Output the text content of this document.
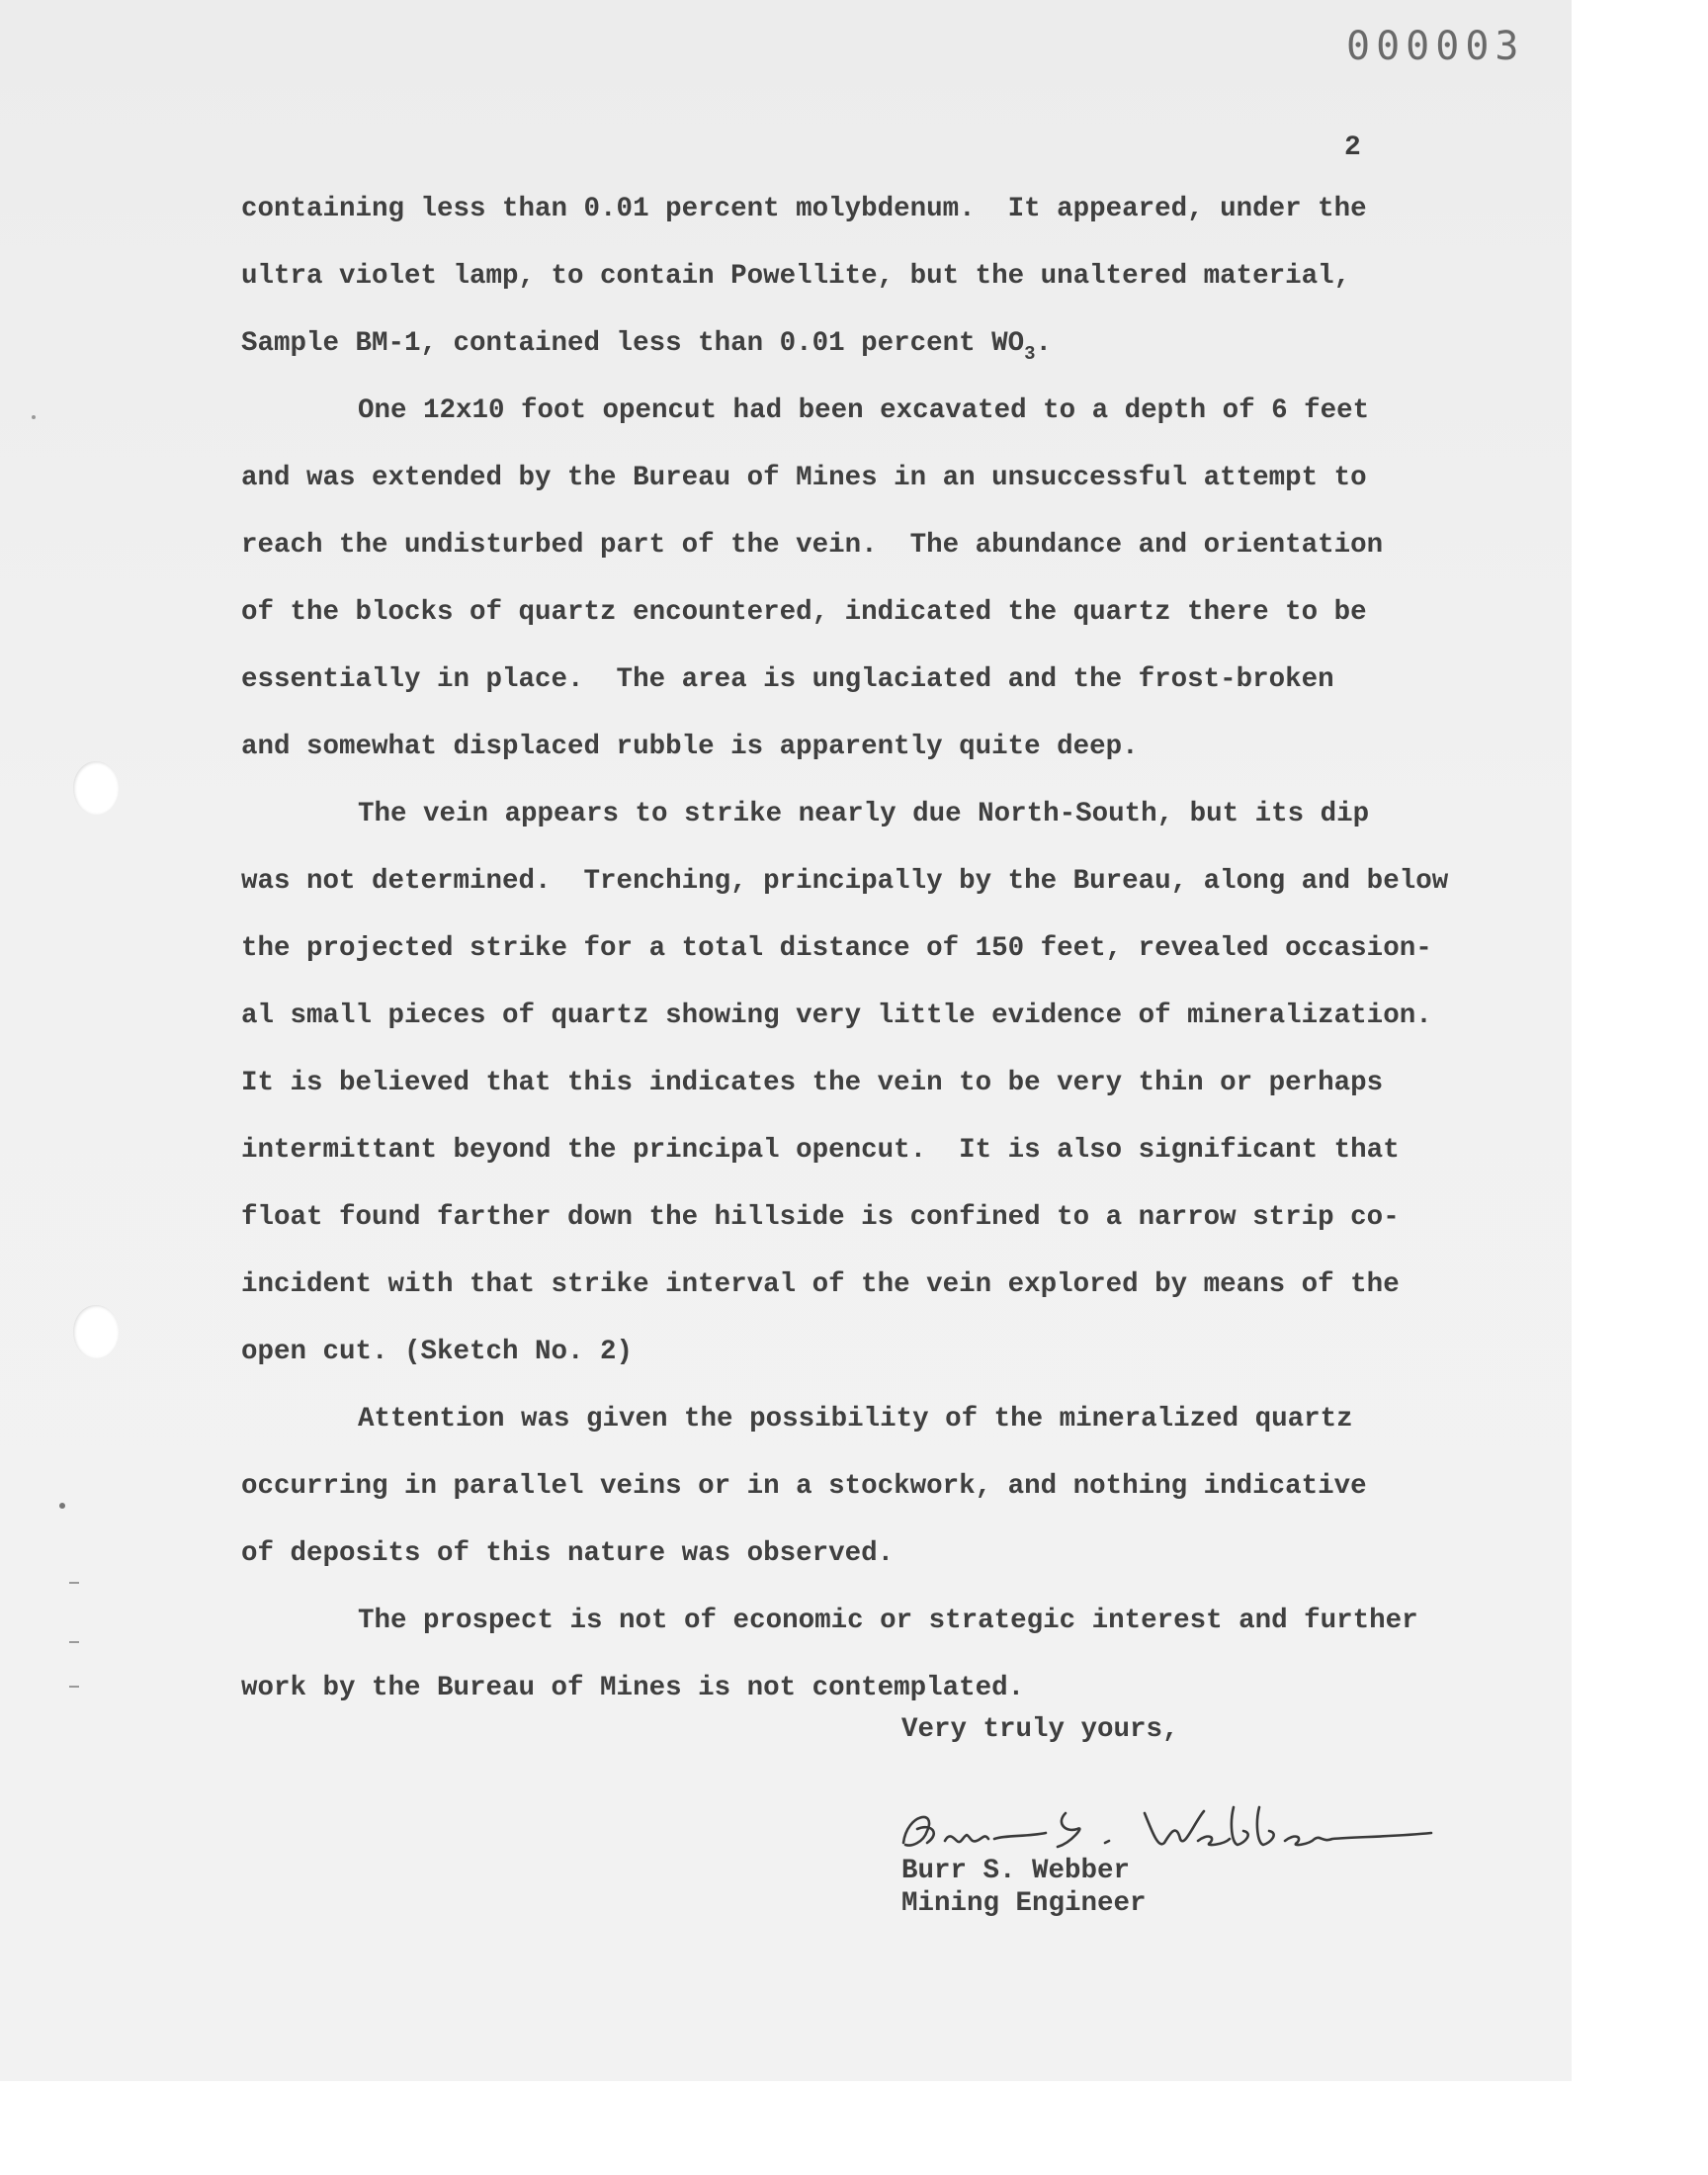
000003
2
containing less than 0.01 percent molybdenum.  It appeared, under the
ultra violet lamp, to contain Powellite, but the unaltered material,
Sample BM-1, contained less than 0.01 percent $WO_3$.
One 12x10 foot opencut had been excavated to a depth of 6 feet
and was extended by the Bureau of Mines in an unsuccessful attempt to
reach the undisturbed part of the vein.  The abundance and orientation
of the blocks of quartz encountered, indicated the quartz there to be
essentially in place.  The area is unglaciated and the frost-broken
and somewhat displaced rubble is apparently quite deep.
The vein appears to strike nearly due North-South, but its dip
was not determined.  Trenching, principally by the Bureau, along and below
the projected strike for a total distance of 150 feet, revealed occasion-
al small pieces of quartz showing very little evidence of mineralization.
It is believed that this indicates the vein to be very thin or perhaps
intermittant beyond the principal opencut.  It is also significant that
float found farther down the hillside is confined to a narrow strip co-
incident with that strike interval of the vein explored by means of the
open cut. (Sketch No. 2)
Attention was given the possibility of the mineralized quartz
occurring in parallel veins or in a stockwork, and nothing indicative
of deposits of this nature was observed.
The prospect is not of economic or strategic interest and further
work by the Bureau of Mines is not contemplated.
Very truly yours,
Burr S. Webber
Mining Engineer
